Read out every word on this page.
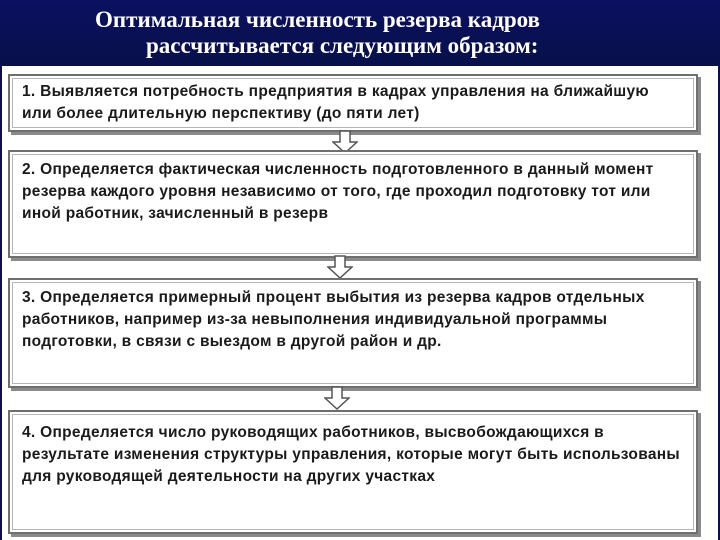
Оптимальная численность резерва кадров
рассчитывается следующим образом:
1. Выявляется потребность предприятия в кадрах управления на ближайшую или более длительную перспективу (до пяти лет)
2. Определяется фактическая численность подготовленного в данный момент резерва каждого уровня независимо от того, где проходил подготовку тот или иной работник, зачисленный в резерв
3. Определяется примерный процент выбытия из резерва кадров отдельных работников, например из-за невыполнения индивидуальной программы подготовки, в связи с выездом в другой район и др.
4. Определяется число руководящих работников, высвобождающихся в результате изменения структуры управления, которые могут быть использованы для руководящей деятельности на других участках
